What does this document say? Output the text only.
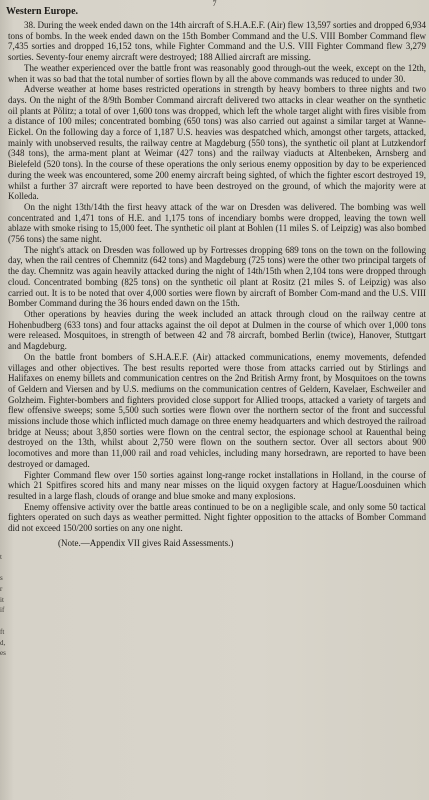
7
Western Europe.

38. During the week ended dawn on the 14th aircraft of S.H.A.E.F. (Air) flew 13,597 sorties and dropped 6,934 tons of bombs. In the week ended dawn on the 15th Bomber Command and the U.S. VIII Bomber Command flew 7,435 sorties and dropped 16,152 tons, while Fighter Command and the U.S. VIII Fighter Command flew 3,279 sorties. Seventy-four enemy aircraft were destroyed; 188 Allied aircraft are missing.

The weather experienced over the battle front was reasonably good through-out the week, except on the 12th, when it was so bad that the total number of sorties flown by all the above commands was reduced to under 30.

Adverse weather at home bases restricted operations in strength by heavy bombers to three nights and two days. On the night of the 8/9th Bomber Command aircraft delivered two attacks in clear weather on the synthetic oil plants at Pölitz; a total of over 1,600 tons was dropped, which left the whole target alight with fires visible from a distance of 100 miles; concentrated bombing (650 tons) was also carried out against a similar target at Wanne-Eickel. On the following day a force of 1,187 U.S. heavies was despatched which, amongst other targets, attacked, mainly with unobserved results, the railway centre at Magdeburg (550 tons), the synthetic oil plant at Lutzkendorf (348 tons), the arma-ment plant at Weimar (427 tons) and the railway viaducts at Altenbeken, Arnsberg and Bielefeld (520 tons). In the course of these operations the only serious enemy opposition by day to be experienced during the week was encountered, some 200 enemy aircraft being sighted, of which the fighter escort destroyed 19, whilst a further 37 aircraft were reported to have been destroyed on the ground, of which the majority were at Kolleda.

On the night 13th/14th the first heavy attack of the war on Dresden was delivered. The bombing was well concentrated and 1,471 tons of H.E. and 1,175 tons of incendiary bombs were dropped, leaving the town well ablaze with smoke rising to 15,000 feet. The synthetic oil plant at Bohlen (11 miles S. of Leipzig) was also bombed (756 tons) the same night.

The night's attack on Dresden was followed up by Fortresses dropping 689 tons on the town on the following day, when the rail centres of Chemnitz (642 tons) and Magdeburg (725 tons) were the other two principal targets of the day. Chemnitz was again heavily attacked during the night of 14th/15th when 2,104 tons were dropped through cloud. Concentrated bombing (825 tons) on the synthetic oil plant at Rositz (21 miles S. of Leipzig) was also carried out. It is to be noted that over 4,000 sorties were flown by aircraft of Bomber Com-mand and the U.S. VIII Bomber Command during the 36 hours ended dawn on the 15th.

Other operations by heavies during the week included an attack through cloud on the railway centre at Hohenbudberg (633 tons) and four attacks against the oil depot at Dulmen in the course of which over 1,000 tons were released. Mosquitoes, in strength of between 42 and 78 aircraft, bombed Berlin (twice), Hanover, Stuttgart and Magdeburg.

On the battle front bombers of S.H.A.E.F. (Air) attacked communications, enemy movements, defended villages and other objectives. The best results reported were those from attacks carried out by Stirlings and Halifaxes on enemy billets and communication centres on the 2nd British Army front, by Mosquitoes on the towns of Geldern and Viersen and by U.S. mediums on the communication centres of Geldern, Kavelaer, Eschweiler and Golzheim. Fighter-bombers and fighters provided close support for Allied troops, attacked a variety of targets and flew offensive sweeps; some 5,500 such sorties were flown over the northern sector of the front and successful missions include those which inflicted much damage on three enemy headquarters and which destroyed the railroad bridge at Neuss; about 3,850 sorties were flown on the central sector, the espionage school at Rauenthal being destroyed on the 13th, whilst about 2,750 were flown on the southern sector. Over all sectors about 900 locomotives and more than 11,000 rail and road vehicles, including many horsedrawn, are reported to have been destroyed or damaged.

Fighter Command flew over 150 sorties against long-range rocket installations in Holland, in the course of which 21 Spitfires scored hits and many near misses on the liquid oxygen factory at Hague/Loosduinen which resulted in a large flash, clouds of orange and blue smoke and many explosions.

Enemy offensive activity over the battle areas continued to be on a negligible scale, and only some 50 tactical fighters operated on such days as weather permitted. Night fighter opposition to the attacks of Bomber Command did not exceed 150/200 sorties on any one night.

(Note.—Appendix VII gives Raid Assessments.)

t
s
r
it
if
ft
d,
es
